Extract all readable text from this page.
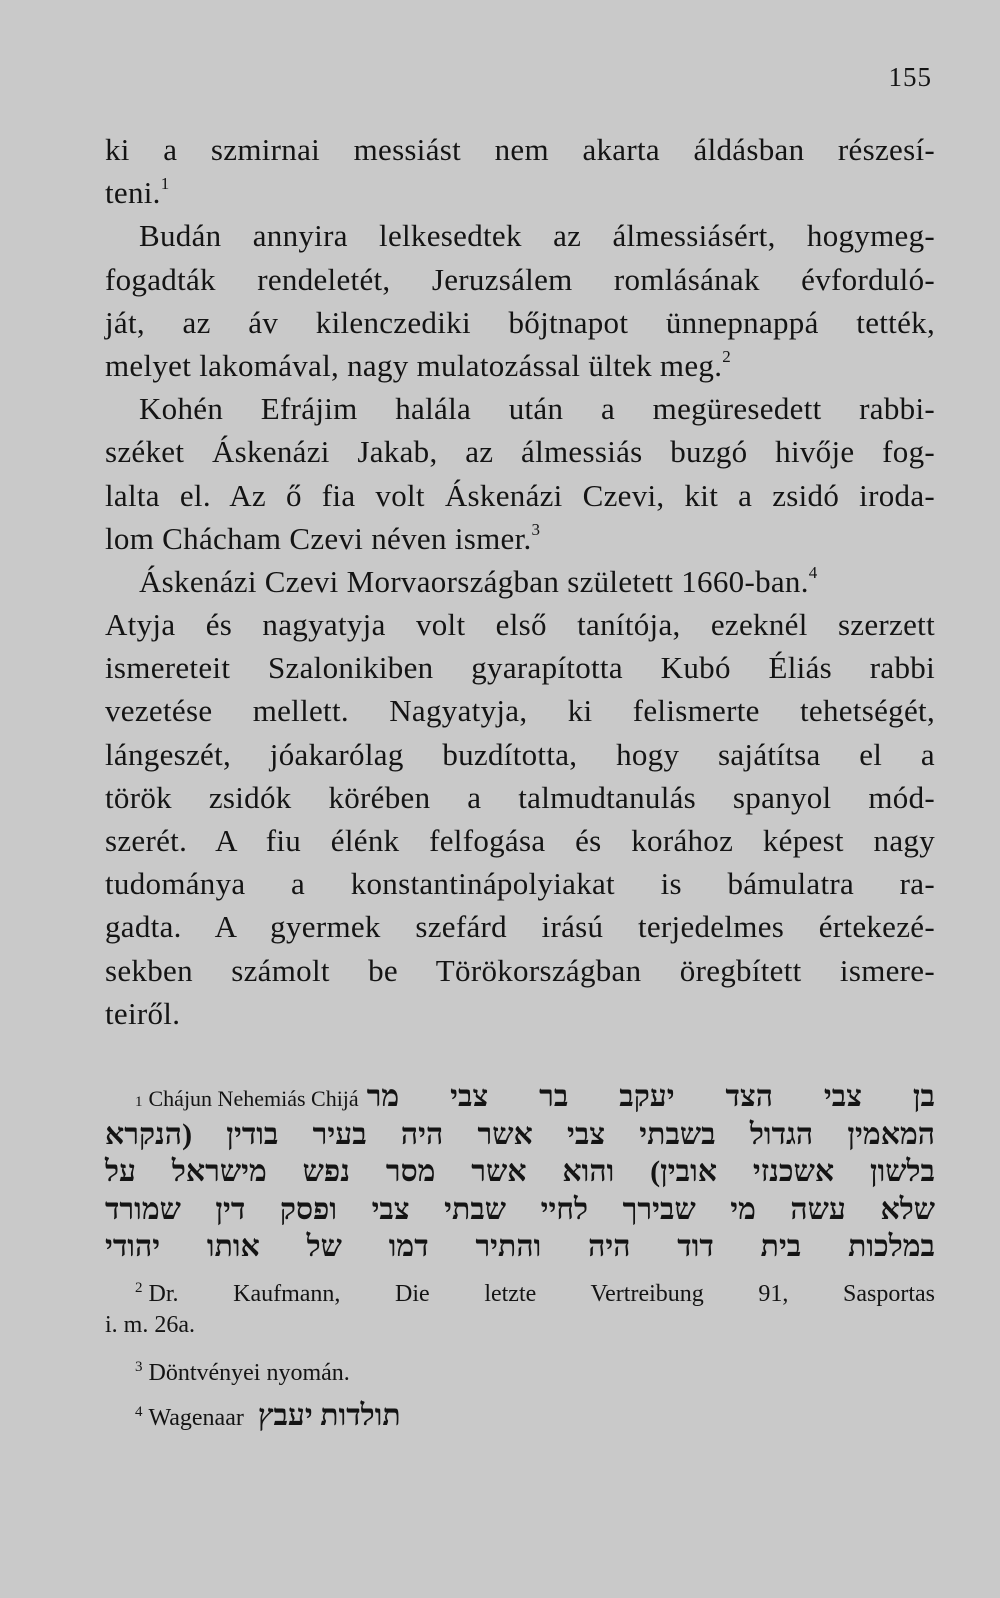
155
ki a szmirnai messiást nem akarta áldásban részesí-
teni.$^1$
Budán annyira lelkesedtek az álmessiásért, hogymeg-
fogadták rendeletét, Jeruzsálem romlásának évforduló-
ját, az áv kilenczediki bőjtnapot ünnepnappá tették,
melyet lakomával, nagy mulatozással ültek meg.$^2$
Kohén Efrájim halála után a megüresedett rabbi-
széket Áskenázi Jakab, az álmessiás buzgó hivője fog-
lalta el. Az ő fia volt Áskenázi Czevi, kit a zsidó iroda-
lom Chácham Czevi néven ismer.$^3$
Áskenázi Czevi Morvaországban született 1660-ban.$^4$
Atyja és nagyatyja volt első tanítója, ezeknél szerzett
ismereteit Szalonikiben gyarapította Kubó Éliás rabbi
vezetése mellett. Nagyatyja, ki felismerte tehetségét,
lángeszét, jóakarólag buzdította, hogy sajátítsa el a
török zsidók körében a talmudtanulás spanyol mód-
szerét. A fiu élénk felfogása és korához képest nagy
tudománya a konstantinápolyiakat is bámulatra ra-
gadta. A gyermek szefárd irású terjedelmes értekezé-
sekben számolt be Törökországban öregbített ismere-
teiről.
1 Chájun Nehemiás Chijá בן צבי הצד יעקב בר צבי מר
המאמין הגדול בשבתי צבי אשר היה בעיר בודין (הנקרא
בלשון אשכנזי אובין) והוא אשר מסר נפש מישראל על
שלא עשה מי שבירך לחיי שבתי צבי ופסק דין שמורד
במלכות בית דוד היה והתיר דמו של אותו יהודי
$^2$ Dr. Kaufmann, Die letzte Vertreibung 91, Sasportas
i. m. 26a.
$^3$ Döntvényei nyomán.
$^4$ Wagenaar תולדות יעבץ
